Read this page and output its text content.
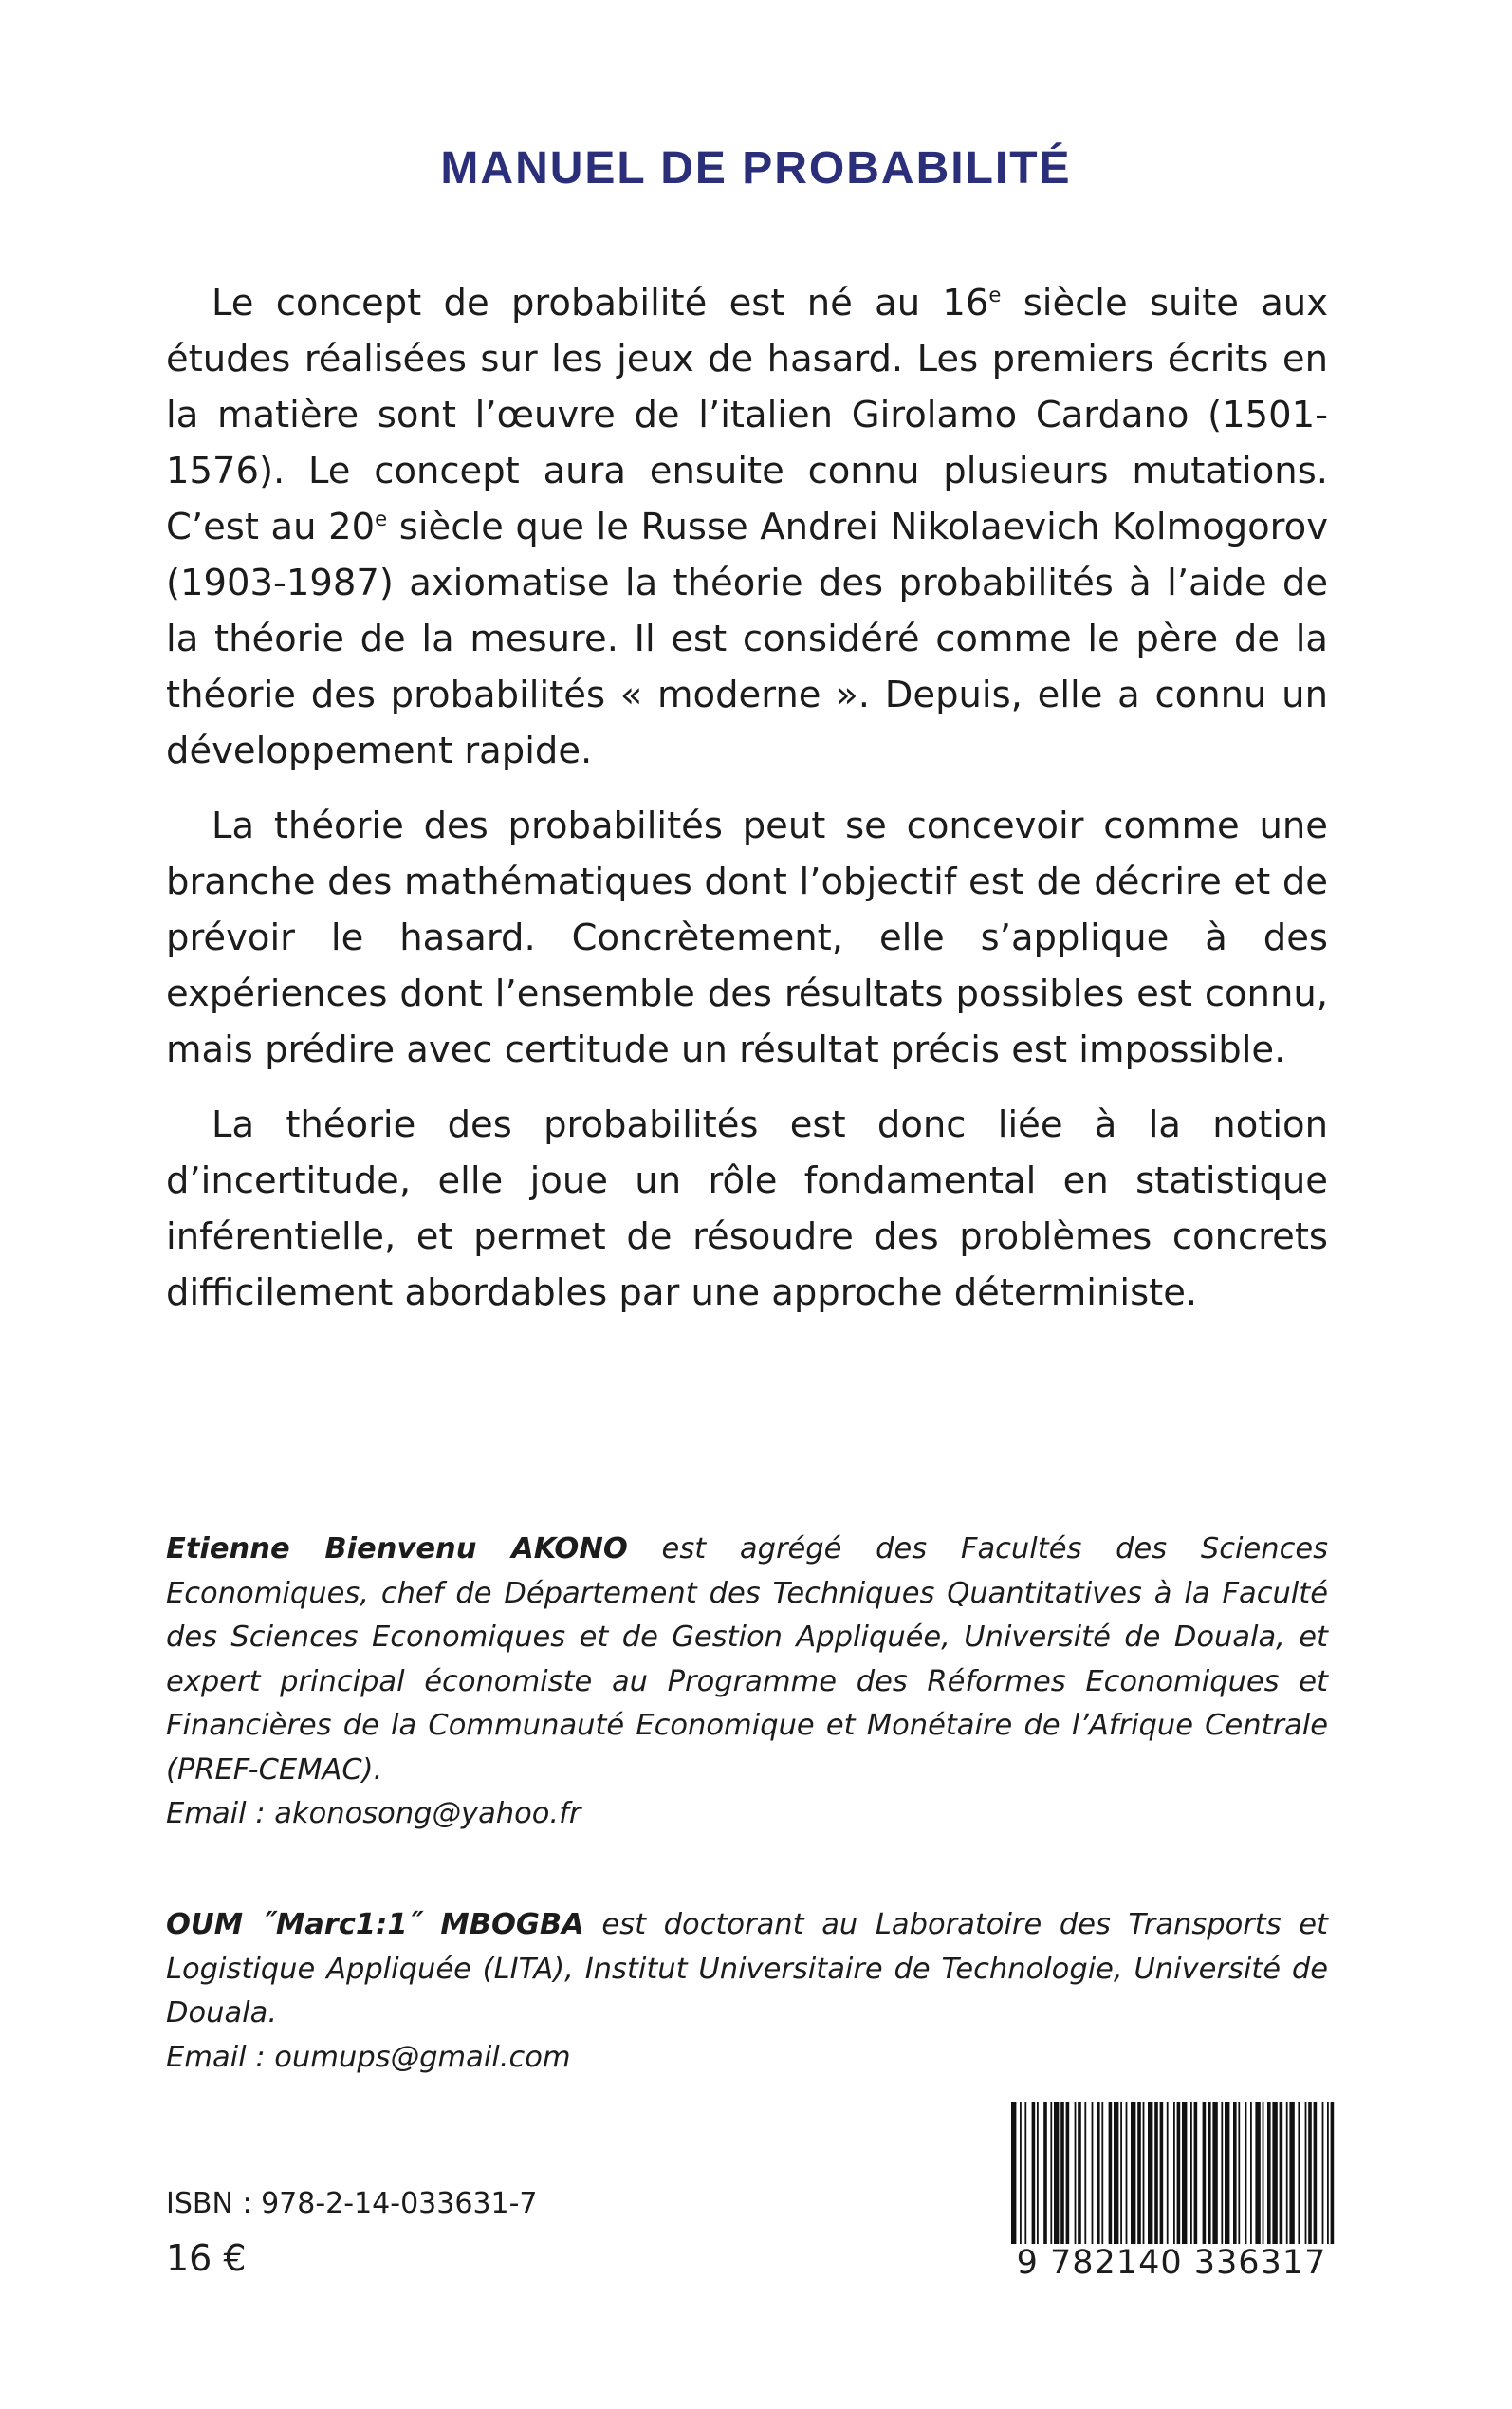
MANUEL DE PROBABILITÉ

Le concept de probabilité est né au 16e siècle suite aux études réalisées sur les jeux de hasard. Les premiers écrits en la matière sont l’œuvre de l’italien Girolamo Cardano (1501-1576). Le concept aura ensuite connu plusieurs mutations. C’est au 20e siècle que le Russe Andrei Nikolaevich Kolmogorov (1903-1987) axiomatise la théorie des probabilités à l’aide de la théorie de la mesure. Il est considéré comme le père de la théorie des probabilités « moderne ». Depuis, elle a connu un développement rapide.

La théorie des probabilités peut se concevoir comme une branche des mathématiques dont l’objectif est de décrire et de prévoir le hasard. Concrètement, elle s’applique à des expériences dont l’ensemble des résultats possibles est connu, mais prédire avec certitude un résultat précis est impossible.

La théorie des probabilités est donc liée à la notion d’incertitude, elle joue un rôle fondamental en statistique inférentielle, et permet de résoudre des problèmes concrets difficilement abordables par une approche déterministe.

Etienne Bienvenu AKONO est agrégé des Facultés des Sciences Economiques, chef de Département des Techniques Quantitatives à la Faculté des Sciences Economiques et de Gestion Appliquée, Université de Douala, et expert principal économiste au Programme des Réformes Economiques et Financières de la Communauté Economique et Monétaire de l’Afrique Centrale (PREF-CEMAC).
Email : akonosong@yahoo.fr
OUM ˝Marc1:1˝ MBOGBA est doctorant au Laboratoire des Transports et Logistique Appliquée (LITA), Institut Universitaire de Technologie, Université de Douala.
Email : oumups@gmail.com
ISBN : 978-2-14-033631-7
16 €	9 782140 336317
